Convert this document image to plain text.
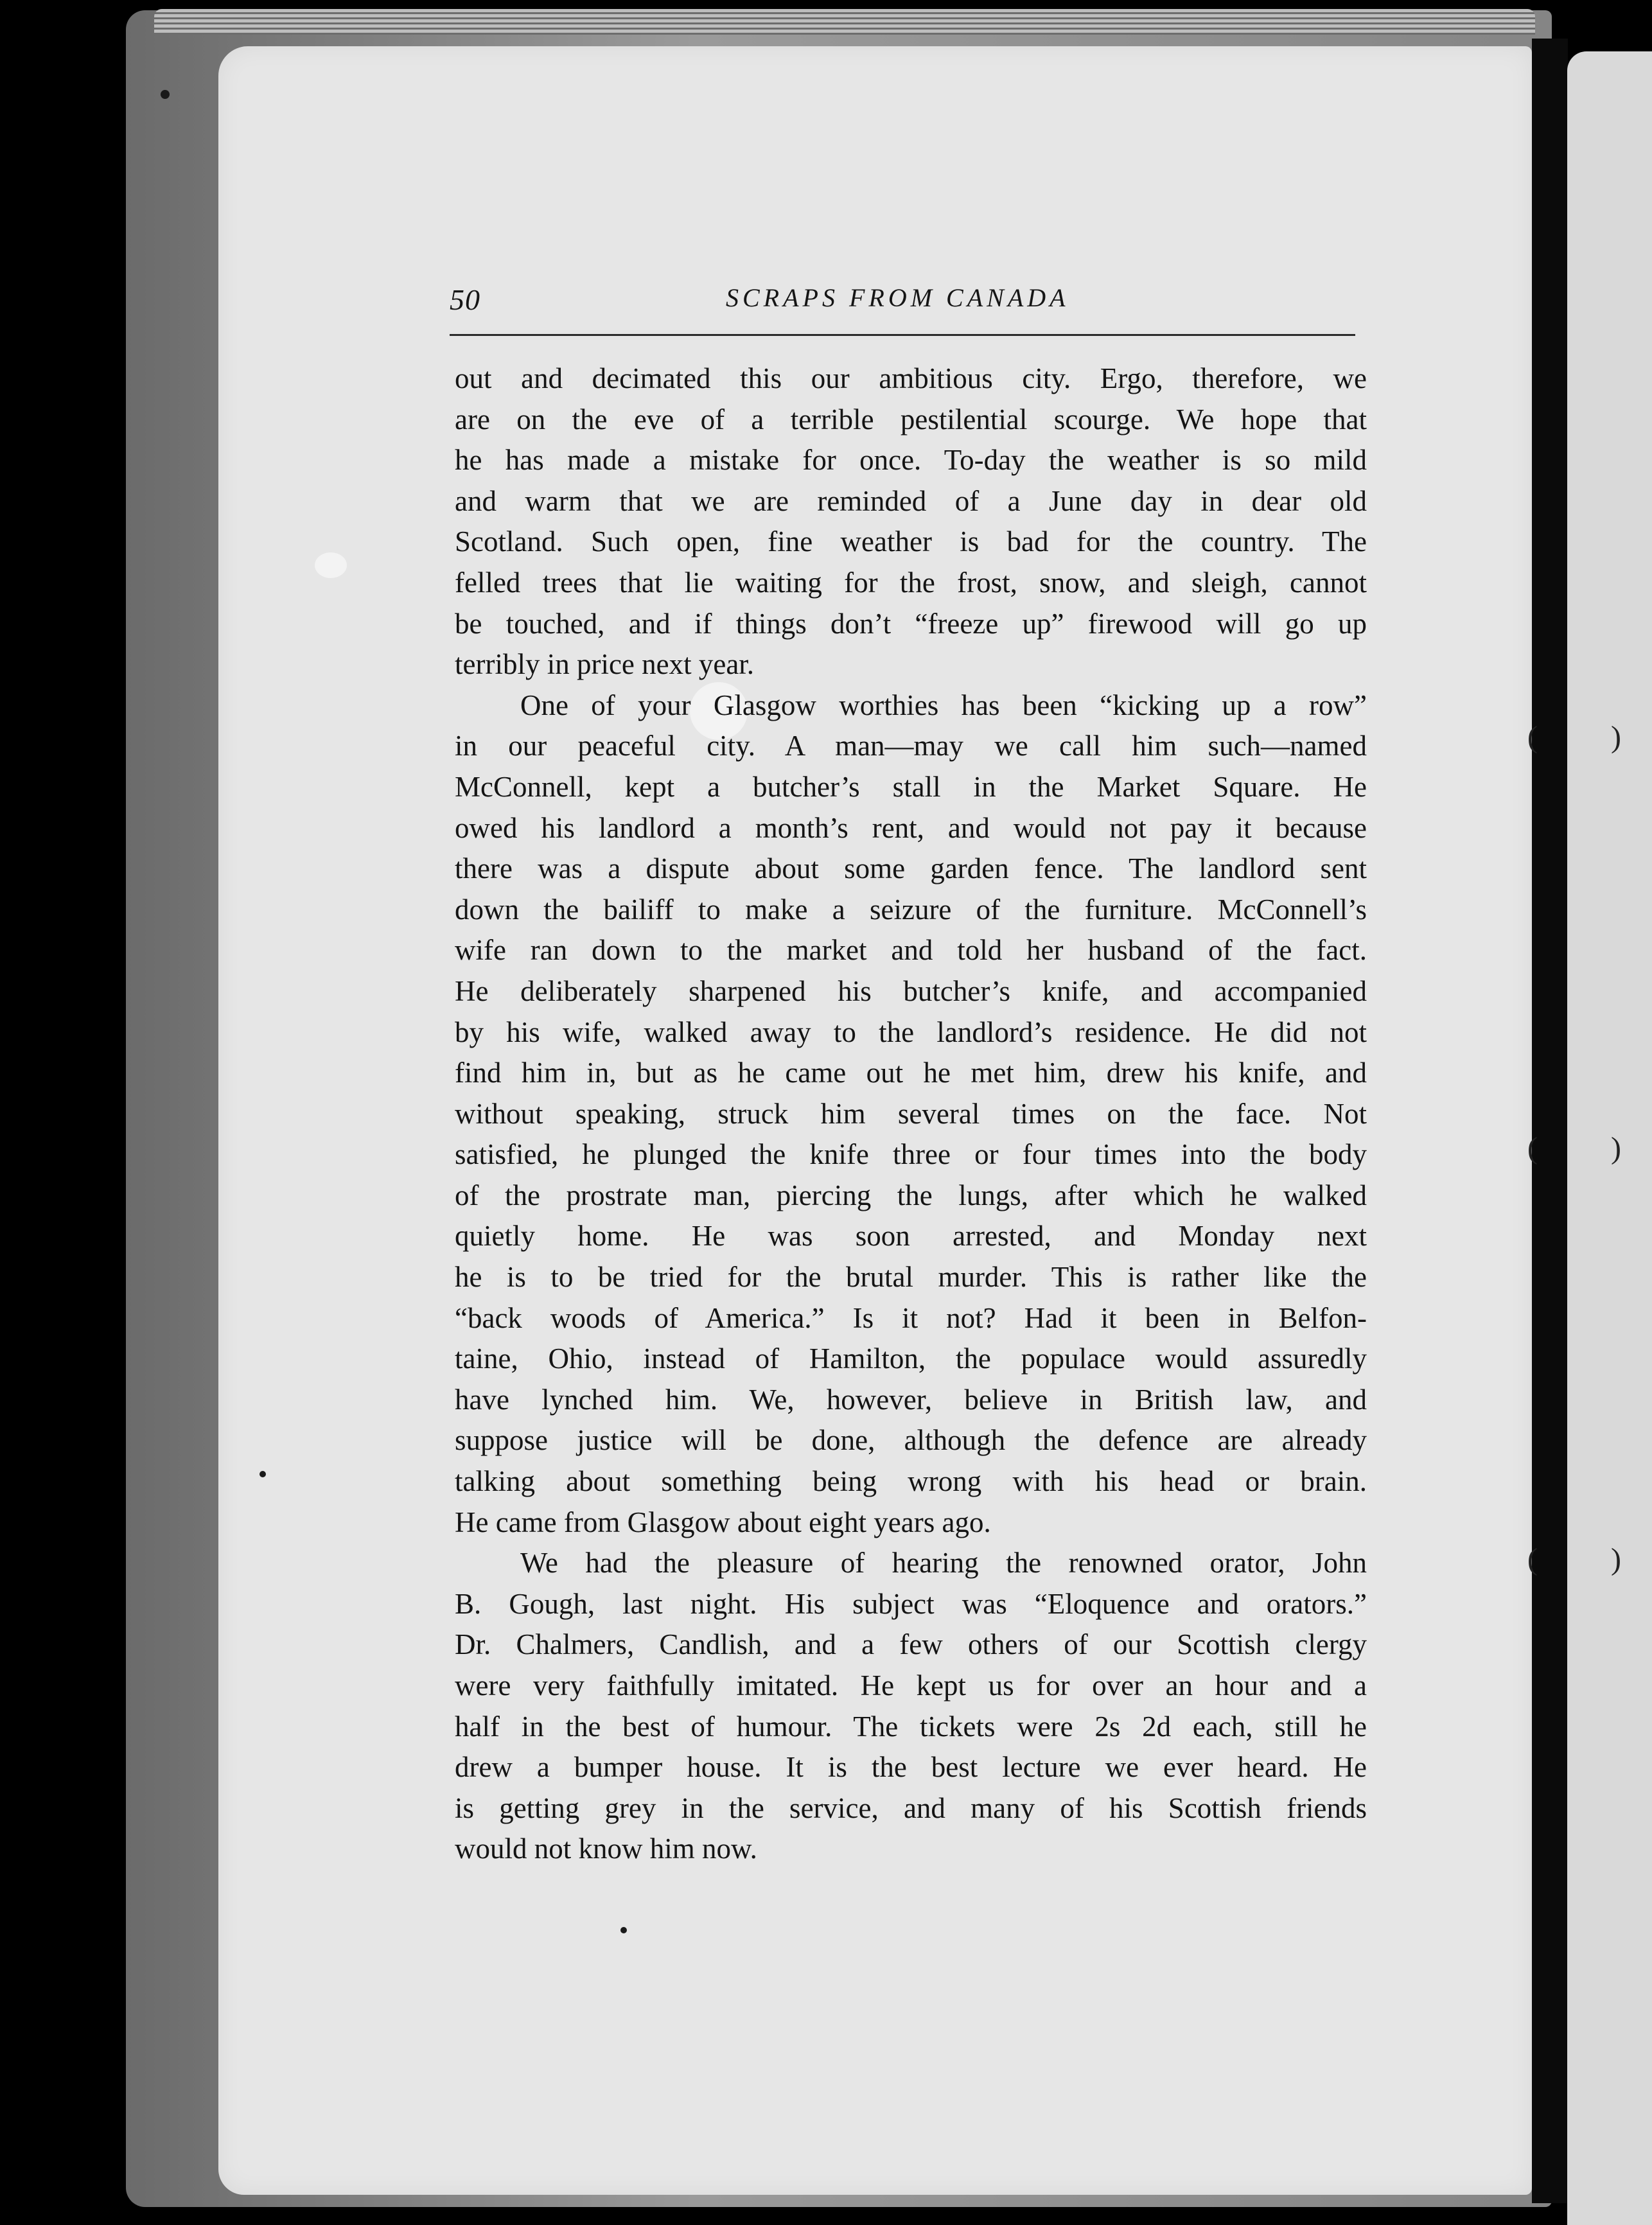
( )
( )
( )
50	SCRAPS FROM CANADA
out and decimated this our ambitious city. Ergo, therefore, we
are on the eve of a terrible pestilential scourge. We hope that
he has made a mistake for once. To-day the weather is so mild
and warm that we are reminded of a June day in dear old
Scotland. Such open, fine weather is bad for the country. The
felled trees that lie waiting for the frost, snow, and sleigh, cannot
be touched, and if things don’t “freeze up” firewood will go up
terribly in price next year.
One of your Glasgow worthies has been “kicking up a row”
in our peaceful city. A man—may we call him such—named
McConnell, kept a butcher’s stall in the Market Square. He
owed his landlord a month’s rent, and would not pay it because
there was a dispute about some garden fence. The landlord sent
down the bailiff to make a seizure of the furniture. McConnell’s
wife ran down to the market and told her husband of the fact.
He deliberately sharpened his butcher’s knife, and accompanied
by his wife, walked away to the landlord’s residence. He did not
find him in, but as he came out he met him, drew his knife, and
without speaking, struck him several times on the face. Not
satisfied, he plunged the knife three or four times into the body
of the prostrate man, piercing the lungs, after which he walked
quietly home. He was soon arrested, and Monday next
he is to be tried for the brutal murder. This is rather like the
“back woods of America.” Is it not? Had it been in Belfon-
taine, Ohio, instead of Hamilton, the populace would assuredly
have lynched him. We, however, believe in British law, and
suppose justice will be done, although the defence are already
talking about something being wrong with his head or brain.
He came from Glasgow about eight years ago.
We had the pleasure of hearing the renowned orator, John
B. Gough, last night. His subject was “Eloquence and orators.”
Dr. Chalmers, Candlish, and a few others of our Scottish clergy
were very faithfully imitated. He kept us for over an hour and a
half in the best of humour. The tickets were 2s 2d each, still he
drew a bumper house. It is the best lecture we ever heard. He
is getting grey in the service, and many of his Scottish friends
would not know him now.
